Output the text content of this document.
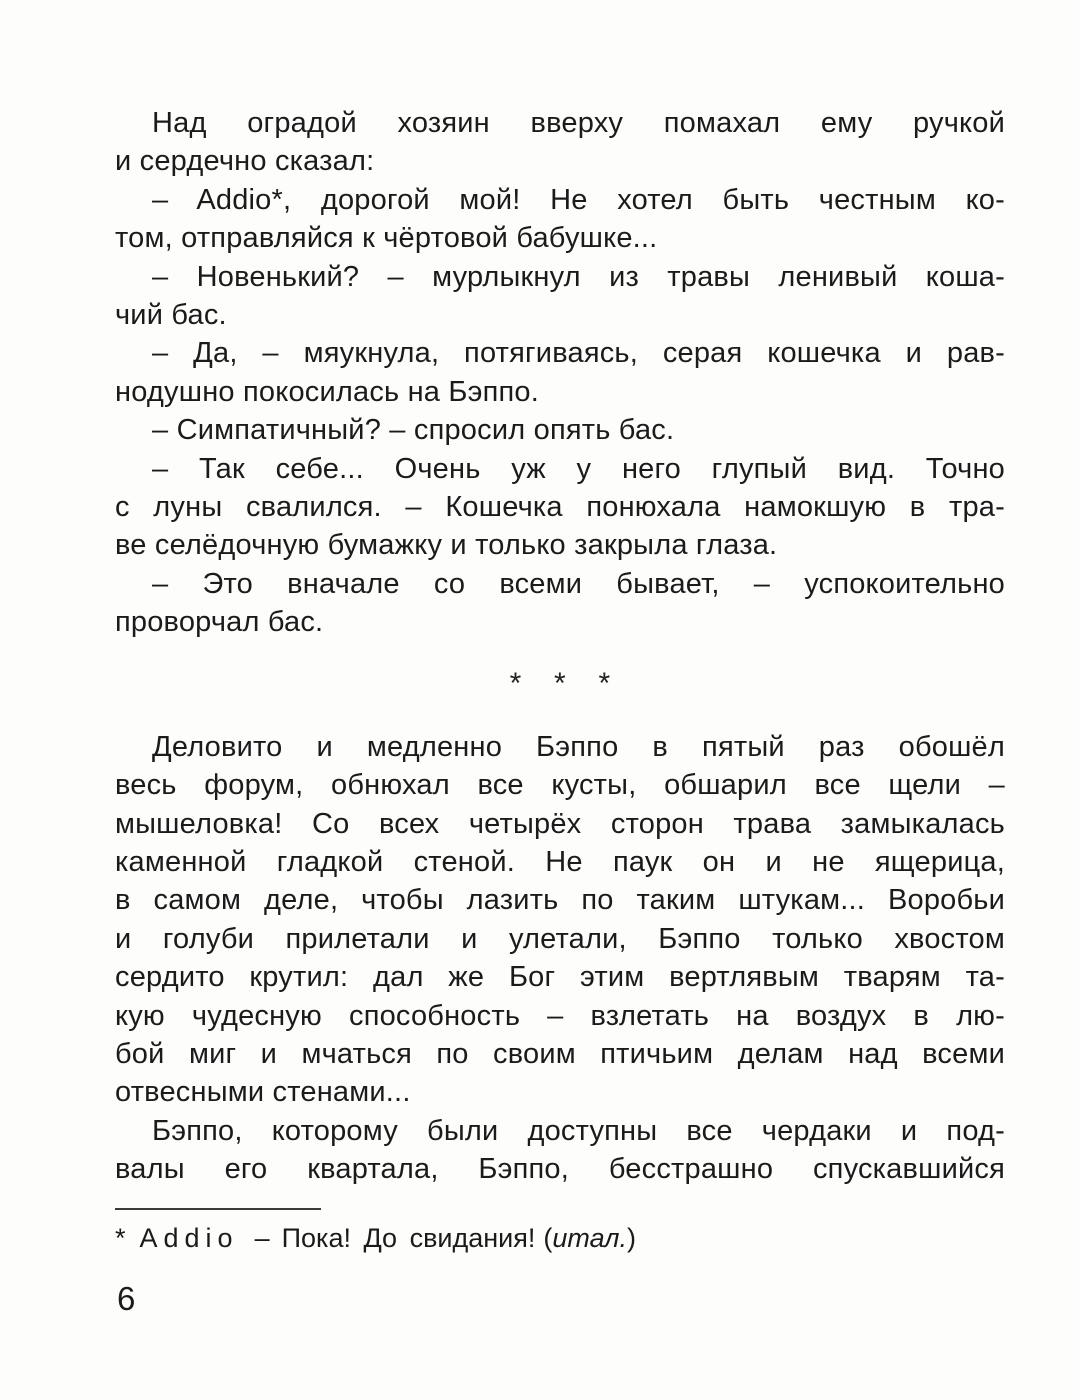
Над оградой хозяин вверху помахал ему ручкой
и сердечно сказал:
– Addio*, дорогой мой! Не хотел быть честным ко-
том, отправляйся к чёртовой бабушке...
– Новенький? – мурлыкнул из травы ленивый коша-
чий бас.
– Да, – мяукнула, потягиваясь, серая кошечка и рав-
нодушно покосилась на Бэппо.
– Симпатичный? – спросил опять бас.
– Так себе... Очень уж у него глупый вид. Точно
с луны свалился. – Кошечка понюхала намокшую в тра-
ве селёдочную бумажку и только закрыла глаза.
– Это вначале со всеми бывает, – успокоительно
проворчал бас.
* * *
Деловито и медленно Бэппо в пятый раз обошёл
весь форум, обнюхал все кусты, обшарил все щели –
мышеловка! Со всех четырёх сторон трава замыкалась
каменной гладкой стеной. Не паук он и не ящерица,
в самом деле, чтобы лазить по таким штукам... Воробьи
и голуби прилетали и улетали, Бэппо только хвостом
сердито крутил: дал же Бог этим вертлявым тварям та-
кую чудесную способность – взлетать на воздух в лю-
бой миг и мчаться по своим птичьим делам над всеми
отвесными стенами...
Бэппо, которому были доступны все чердаки и под-
валы его квартала, Бэппо, бесстрашно спускавшийся
* Addio – Пока! До свидания! (итал.)
6
